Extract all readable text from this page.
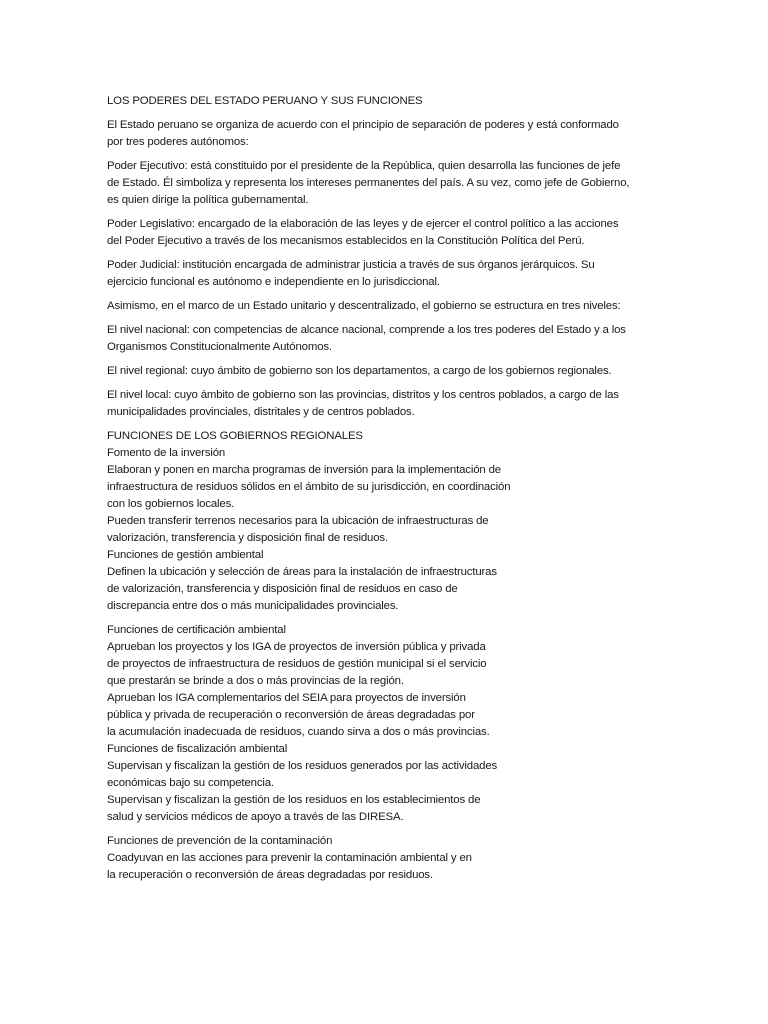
LOS PODERES DEL ESTADO PERUANO Y SUS FUNCIONES
El Estado peruano se organiza de acuerdo con el principio de separación de poderes y está conformado
por tres poderes autónomos:
Poder Ejecutivo: está constituido por el presidente de la República, quien desarrolla las funciones de jefe
de Estado. Él simboliza y representa los intereses permanentes del país. A su vez, como jefe de Gobierno,
es quien dirige la política gubernamental.
Poder Legislativo: encargado de la elaboración de las leyes y de ejercer el control político a las acciones
del Poder Ejecutivo a través de los mecanismos establecidos en la Constitución Política del Perú.
Poder Judicial: institución encargada de administrar justicia a través de sus órganos jerárquicos. Su
ejercicio funcional es autónomo e independiente en lo jurisdiccional.
Asimismo, en el marco de un Estado unitario y descentralizado, el gobierno se estructura en tres niveles:
El nivel nacional: con competencias de alcance nacional, comprende a los tres poderes del Estado y a los
Organismos Constitucionalmente Autónomos.
El nivel regional: cuyo ámbito de gobierno son los departamentos, a cargo de los gobiernos regionales.
El nivel local: cuyo ámbito de gobierno son las provincias, distritos y los centros poblados, a cargo de las
municipalidades provinciales, distritales y de centros poblados.
FUNCIONES DE LOS GOBIERNOS REGIONALES
Fomento de la inversión
Elaboran y ponen en marcha programas de inversión para la implementación de
infraestructura de residuos sólidos en el ámbito de su jurisdicción, en coordinación
con los gobiernos locales.
Pueden transferir terrenos necesarios para la ubicación de infraestructuras de
valorización, transferencia y disposición final de residuos.
Funciones de gestión ambiental
Definen la ubicación y selección de áreas para la instalación de infraestructuras
de valorización, transferencia y disposición final de residuos en caso de
discrepancia entre dos o más municipalidades provinciales.
Funciones de certificación ambiental
Aprueban los proyectos y los IGA de proyectos de inversión pública y privada
de proyectos de infraestructura de residuos de gestión municipal si el servicio
que prestarán se brinde a dos o más provincias de la región.
Aprueban los IGA complementarios del SEIA para proyectos de inversión
pública y privada de recuperación o reconversión de áreas degradadas por
la acumulación inadecuada de residuos, cuando sirva a dos o más provincias.
Funciones de fiscalización ambiental
Supervisan y fiscalizan la gestión de los residuos generados por las actividades
económicas bajo su competencia.
Supervisan y fiscalizan la gestión de los residuos en los establecimientos de
salud y servicios médicos de apoyo a través de las DIRESA.
Funciones de prevención de la contaminación
Coadyuvan en las acciones para prevenir la contaminación ambiental y en
la recuperación o reconversión de áreas degradadas por residuos.
